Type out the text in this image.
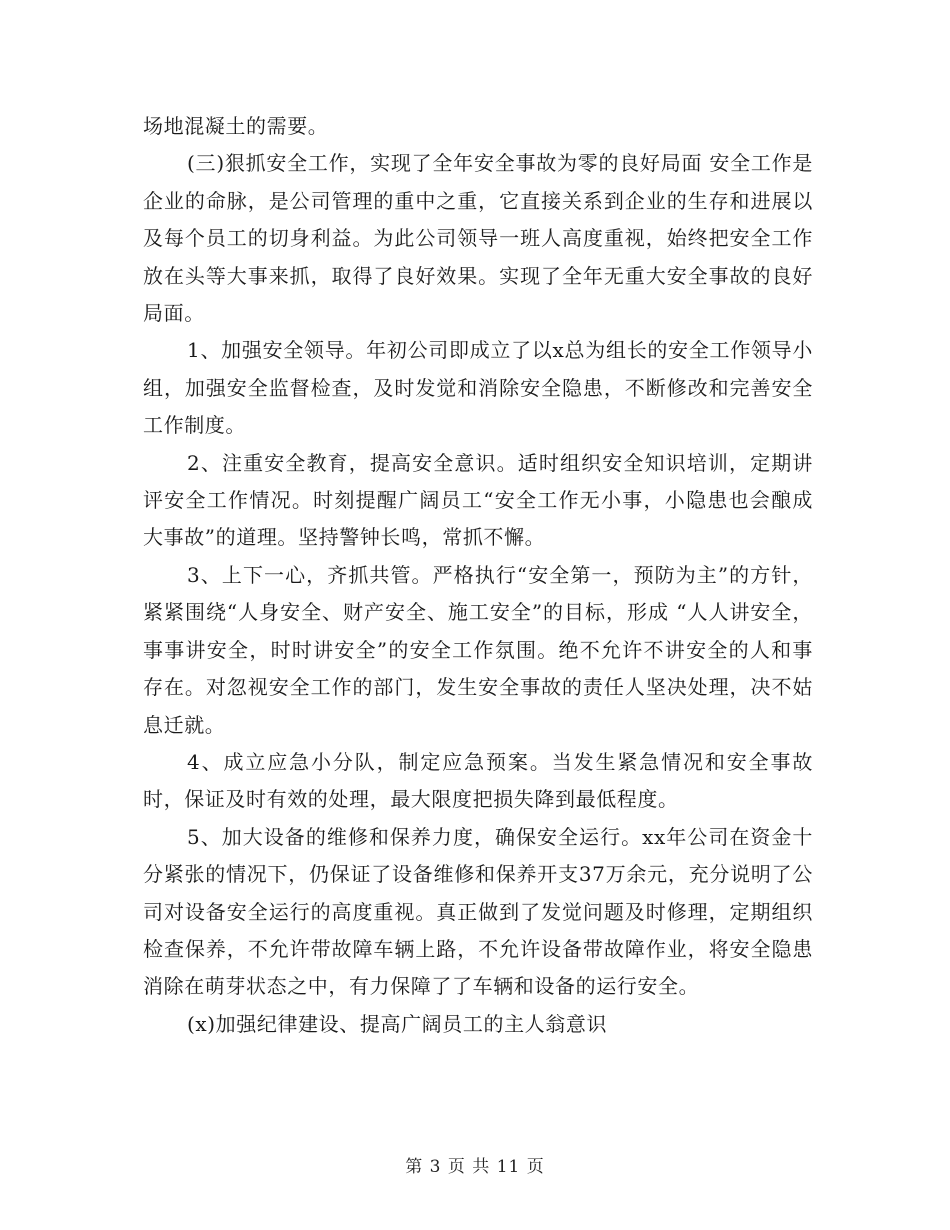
场地混凝土的需要。

(三)狠抓安全工作，实现了全年安全事故为零的良好局面 安全工作是企业的命脉，是公司管理的重中之重，它直接关系到企业的生存和进展以及每个员工的切身利益。为此公司领导一班人高度重视，始终把安全工作放在头等大事来抓，取得了良好效果。实现了全年无重大安全事故的良好局面。

1、加强安全领导。年初公司即成立了以x总为组长的安全工作领导小组，加强安全监督检查，及时发觉和消除安全隐患，不断修改和完善安全工作制度。

2、注重安全教育，提高安全意识。适时组织安全知识培训，定期讲评安全工作情况。时刻提醒广阔员工“安全工作无小事，小隐患也会酿成大事故”的道理。坚持警钟长鸣，常抓不懈。

3、上下一心，齐抓共管。严格执行“安全第一，预防为主”的方针，紧紧围绕“人身安全、财产安全、施工安全”的目标，形成 “人人讲安全，事事讲安全，时时讲安全”的安全工作氛围。绝不允许不讲安全的人和事存在。对忽视安全工作的部门，发生安全事故的责任人坚决处理，决不姑息迁就。

4、成立应急小分队，制定应急预案。当发生紧急情况和安全事故时，保证及时有效的处理，最大限度把损失降到最低程度。

5、加大设备的维修和保养力度，确保安全运行。xx年公司在资金十分紧张的情况下，仍保证了设备维修和保养开支37万余元，充分说明了公司对设备安全运行的高度重视。真正做到了发觉问题及时修理，定期组织检查保养，不允许带故障车辆上路，不允许设备带故障作业，将安全隐患消除在萌芽状态之中，有力保障了了车辆和设备的运行安全。

(x)加强纪律建设、提高广阔员工的主人翁意识

第 3 页 共 11 页
